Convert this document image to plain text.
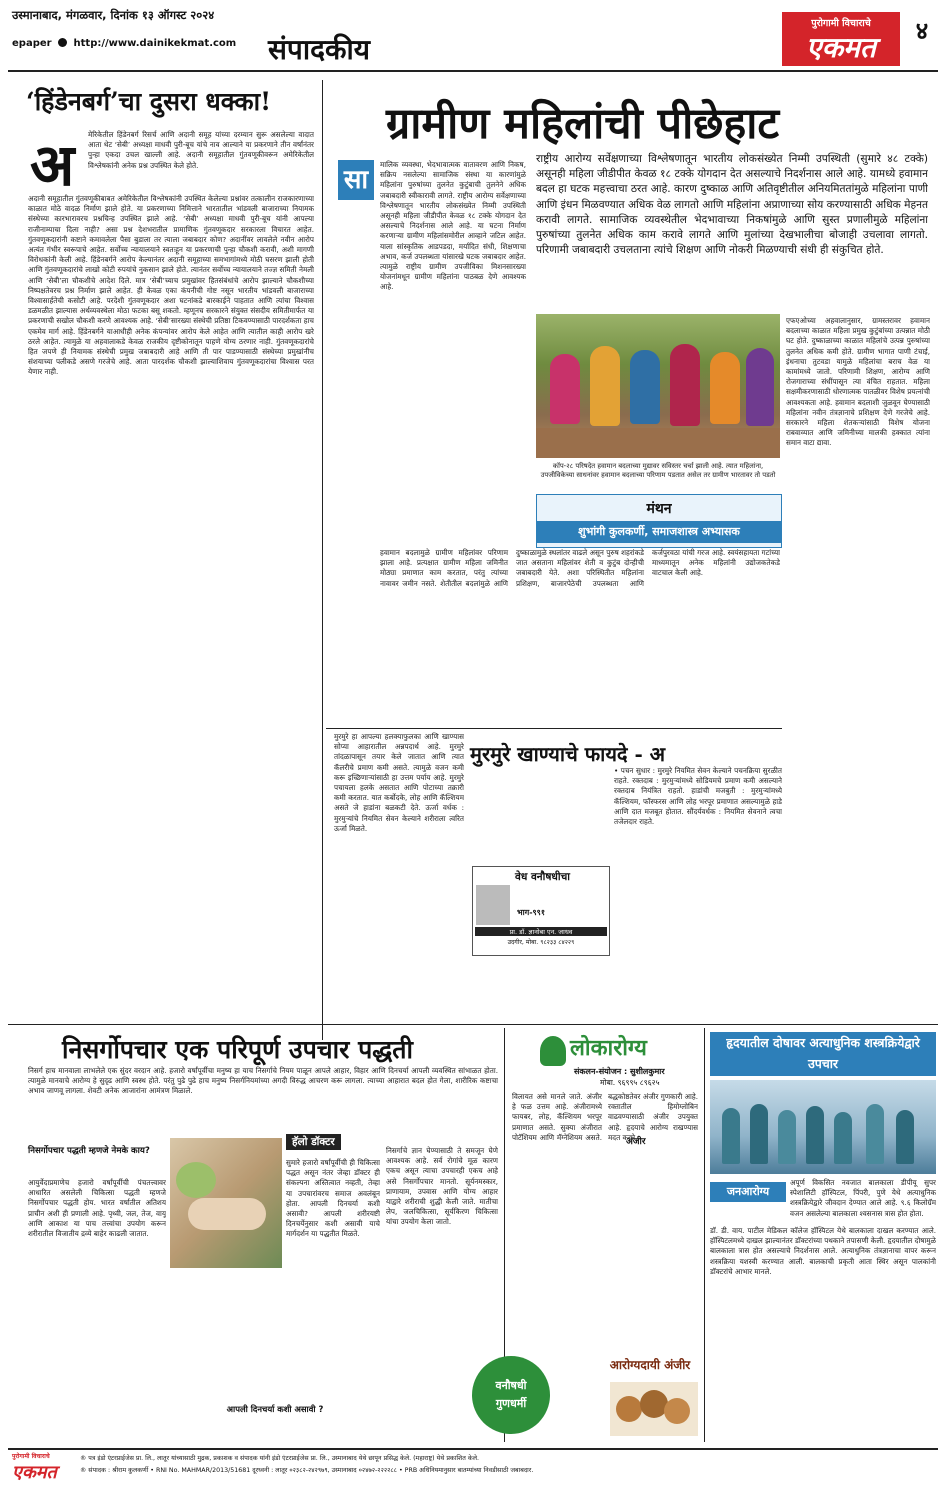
उस्मानाबाद, मंगळवार, दिनांक १३ ऑगस्ट २०२४
संपादकीय
epaper http://www.dainikekmat.com
पुरोगामी विचाराचे
एकमत
४
‘हिंडेनबर्ग’चा दुसरा धक्का!
अ मेरिकेतील हिंडेनबर्ग रिसर्च आणि अदानी समूह यांच्या दरम्यान सुरू असलेल्या वादात आता थेट ‘सेबी’ अध्यक्षा माधवी पुरी-बूच यांचे नाव आल्याने या प्रकरणाने तीन वर्षांनंतर पुन्हा एकदा उचल खाल्ली आहे. अदानी समूहातील गुंतवणूकीवरून अमेरिकेतील विश्लेषकांनी अनेक प्रश्न उपस्थित केले होते.
अदानी समूहातील गुंतवणूकीबाबत अमेरिकेतील विश्लेषकांनी उपस्थित केलेल्या प्रश्नांवर तत्कालीन राजकारणाच्या काळात मोठे वादळ निर्माण झाले होते. या प्रकरणाच्या निमित्ताने भारतातील भांडवली बाजाराच्या नियामक संस्थेच्या कारभारावरच प्रश्नचिन्ह उपस्थित झाले आहे. ‘सेबी’ अध्यक्षा माधवी पुरी-बूच यांनी आपल्या राजीनाम्याचा दिला नाही? असा प्रश्न देशभरातील प्रामाणिक गुंतवणूकदार सरकारला विचारत आहेत. गुंतवणूकदारांनी कष्टाने कमावलेला पैसा बुडाला तर त्याला जबाबदार कोण? अदानींवर लावलेले नवीन आरोप अत्यंत गंभीर स्वरूपाचे आहेत. सर्वोच्च न्यायालयाने स्वतःहून या प्रकरणाची पुन्हा चौकशी करावी, अशी मागणी विरोधकांनी केली आहे. हिंडेनबर्गने आरोप केल्यानंतर अदानी समूहाच्या समभागांमध्ये मोठी घसरण झाली होती आणि गुंतवणूकदारांचे लाखो कोटी रुपयांचे नुकसान झाले होते. त्यानंतर सर्वोच्च न्यायालयाने तज्ज्ञ समिती नेमली आणि ‘सेबी’ला चौकशीचे आदेश दिले. मात्र ‘सेबी’च्याच प्रमुखांवर हितसंबंधांचे आरोप झाल्याने चौकशीच्या निष्पक्षतेवरच प्रश्न निर्माण झाले आहेत. ही केवळ एका कंपनीची गोष्ट नसून भारतीय भांडवली बाजाराच्या विश्वासार्हतेची कसोटी आहे. परदेशी गुंतवणूकदार अशा घटनांकडे बारकाईने पाहतात आणि त्यांचा विश्वास डळमळीत झाल्यास अर्थव्यवस्थेला मोठा फटका बसू शकतो. म्हणूनच सरकारने संयुक्त संसदीय समितीमार्फत या प्रकरणाची सखोल चौकशी करणे आवश्यक आहे. ‘सेबी’सारख्या संस्थेची प्रतिष्ठा टिकवण्यासाठी पारदर्शकता हाच एकमेव मार्ग आहे. हिंडेनबर्गने याआधीही अनेक कंपन्यांवर आरोप केले आहेत आणि त्यातील काही आरोप खरे ठरले आहेत. त्यामुळे या अहवालाकडे केवळ राजकीय दृष्टीकोनातून पाहणे योग्य ठरणार नाही. गुंतवणूकदारांचे हित जपणे ही नियामक संस्थेची प्रमुख जबाबदारी आहे आणि ती पार पाडण्यासाठी संस्थेच्या प्रमुखांनीच संशयाच्या पलीकडे असणे गरजेचे आहे. आता पारदर्शक चौकशी झाल्याशिवाय गुंतवणूकदारांचा विश्वास परत येणार नाही.
ग्रामीण महिलांची पीछेहाट
सा
राष्ट्रीय आरोग्य सर्वेक्षणाच्या विश्लेषणातून भारतीय लोकसंख्येत निम्मी उपस्थिती (सुमारे ४८ टक्के) असूनही महिला जीडीपीत केवळ १८ टक्के योगदान देत असल्याचे निदर्शनास आले आहे. यामध्ये हवामान बदल हा घटक महत्त्वाचा ठरत आहे. कारण दुष्काळ आणि अतिवृष्टीतील अनियमिततांमुळे महिलांना पाणी आणि इंधन मिळवण्यात अधिक वेळ लागतो आणि महिलांना अप्राणाच्या सोय करण्यासाठी अधिक मेहनत करावी लागते. सामाजिक व्यवस्थेतील भेदभावाच्या निकषांमुळे आणि सुस्त प्रणालीमुळे महिलांना पुरुषांच्या तुलनेत अधिक काम करावे लागते आणि मुलांच्या देखभालीचा बोजाही उचलावा लागतो. परिणामी जबाबदारी उचलताना त्यांचे शिक्षण आणि नोकरी मिळण्याची संधी ही संकुचित होते.
मालिक व्यवस्था, भेदभावात्मक वातावरण आणि निकष, सक्रिय नसलेल्या सामाजिक संस्था या कारणांमुळे महिलांना पुरुषांच्या तुलनेत कुटुंबाची तुलनेने अधिक जबाबदारी स्वीकारावी लागते. राष्ट्रीय आरोग्य सर्वेक्षणाच्या विश्लेषणातून भारतीय लोकसंख्येत निम्मी उपस्थिती असूनही महिला जीडीपीत केवळ १८ टक्के योगदान देत असल्याचे निदर्शनास आले आहे. या घटना निर्माण करणाऱ्या ग्रामीण महिलांसमोरील आव्हाने जटिल आहेत. याला सांस्कृतिक आडपडदा, मर्यादित संधी, शिक्षणाचा अभाव, कर्ज उपलब्धता यांसारखे घटक जबाबदार आहेत. त्यामुळे राष्ट्रीय ग्रामीण उपजीविका मिशनसारख्या योजनांमधून ग्रामीण महिलांना पाठबळ देणे आवश्यक आहे.
कॉप-२८ परिषदेत हवामान बदलाच्या मुद्यावर सविस्तर चर्चा झाली आहे. त्यात महिलांना, उपजीविकेच्या साधनांवर हवामान बदलाच्या परिणाम पडतात असेल तर ग्रामीण भारतावर तो पडतो
एफएओच्या अहवालानुसार, ग्रामस्तरावर हवामान बदलाच्या काळात महिला प्रमुख कुटुंबांच्या उत्पन्नात मोठी घट होते. दुष्काळाच्या काळात महिलांचे उत्पन्न पुरुषांच्या तुलनेत अधिक कमी होते. ग्रामीण भागात पाणी टंचाई, इंधनाचा तुटवडा यामुळे महिलांचा बराच वेळ या कामांमध्ये जातो. परिणामी शिक्षण, आरोग्य आणि रोजगाराच्या संधींपासून त्या वंचित राहतात. महिला सक्षमीकरणासाठी धोरणात्मक पातळीवर विशेष प्रयत्नांची आवश्यकता आहे. हवामान बदलाशी जुळवून घेण्यासाठी महिलांना नवीन तंत्रज्ञानाचे प्रशिक्षण देणे गरजेचे आहे. सरकारने महिला शेतकऱ्यांसाठी विशेष योजना राबवाव्यात आणि जमिनीच्या मालकी हक्कात त्यांना समान वाटा द्यावा.
मंथन
शुभांगी कुलकर्णी, समाजशास्त्र अभ्यासक
हवामान बदलामुळे ग्रामीण महिलांवर परिणाम झाला आहे. प्रत्यक्षात ग्रामीण महिला जमिनीत मोठ्या प्रमाणात काम करतात, परंतु त्यांच्या नावावर जमीन नसते. शेतीतील बदलांमुळे आणि दुष्काळामुळे स्थलांतर वाढले असून पुरुष शहरांकडे जात असताना महिलांवर शेती व कुटुंब दोन्हीची जबाबदारी येते. अशा परिस्थितीत महिलांना प्रशिक्षण, बाजारपेठेची उपलब्धता आणि कर्जपुरवठा यांची गरज आहे. स्वयंसहायता गटांच्या माध्यमातून अनेक महिलांनी उद्योजकतेकडे वाटचाल केली आहे.
मुरमुरे खाण्याचे फायदे - अ
मुरमुरे हा आपल्या हलक्याफुलका आणि खाण्यास सोप्या आहारातील अन्नपदार्थ आहे. मुरमुरे तांदळापासून तयार केले जातात आणि त्यात कॅलरीचे प्रमाण कमी असते. त्यामुळे वजन कमी करू इच्छिणाऱ्यांसाठी हा उत्तम पर्याय आहे. मुरमुरे पचायला हलके असतात आणि पोटाच्या तक्रारी कमी करतात. यात कर्बोदके, लोह आणि कॅल्शियम असते जे हाडांना बळकटी देते. ऊर्जा वर्धक : मुरमुऱ्यांचे नियमित सेवन केल्याने शरीराला त्वरित ऊर्जा मिळते.
वेध वनौषधीचा
प्रा. डॉ. ज्ञानोबा एन. जाधव
उदगीर, मोबा. ९८२३३ ८४२२९
भाग-९९१
• पचन सुधार : मुरमुरे नियमित सेवन केल्याने पचनक्रिया सुरळीत राहते. रक्तदाब : मुरमुऱ्यांमध्ये सोडियमचे प्रमाण कमी असल्याने रक्तदाब नियंत्रित राहतो. हाडांची मजबुती : मुरमुऱ्यांमध्ये कॅल्शियम, फॉस्फरस आणि लोह भरपूर प्रमाणात असल्यामुळे हाडे आणि दात मजबूत होतात. सौंदर्यवर्धक : नियमित सेवनाने त्वचा तजेलदार राहते.
निसर्गोपचार एक परिपूर्ण उपचार पद्धती
निसर्ग हाच मानवाला लाभलेले एक सुंदर वरदान आहे. हजारो वर्षांपूर्वीचा मनुष्य हा याच निसर्गाचे नियम पाळून आपले आहार, विहार आणि दिनचर्या आपली व्यवस्थित सांभाळत होता. त्यामुळे मानवाचे आरोग्य हे सुदृढ आणि स्वस्थ होते. परंतु पुढे पुढे हाच मनुष्य निसर्गनियमांच्या अगदी विरुद्ध आचरण करू लागला. त्याच्या आहारात बदल होत गेला, शारीरिक कष्टाचा अभाव जाणवू लागला. शेवटी अनेक आजारांना आमंत्रण मिळाले.
निसर्गोपचार पद्धती म्हणजे नेमके काय?
आयुर्वेदाप्रमाणेच हजारो वर्षांपूर्वीची पंचतत्त्वावर आधारित असलेली चिकित्सा पद्धती म्हणजे निसर्गोपचार पद्धती होय. भारत वर्षातील अतिशय प्राचीन अशी ही प्रणाली आहे. पृथ्वी, जल, तेज, वायू आणि आकाश या पाच तत्त्वांचा उपयोग करून शरीरातील विजातीय द्रव्ये बाहेर काढली जातात.
हॅलो डॉक्टर
सुमारे हजारो वर्षांपूर्वीची ही चिकित्सा पद्धत असून नंतर जेव्हा डॉक्टर ही संकल्पना अस्तित्वात नव्हती, तेव्हा या उपचारांवरच समाज अवलंबून होता. आपली दिनचर्या कशी असावी? आपली शरीरयष्टी दिनचर्येनुसार कशी असावी याचे मार्गदर्शन या पद्धतीत मिळते.
आपली दिनचर्या कशी असावी ?
निसर्गाचे ज्ञान घेण्यासाठी ते समजून घेणे आवश्यक आहे. सर्व रोगांचे मूळ कारण एकच असून त्याचा उपचारही एकच आहे असे निसर्गोपचार मानतो. सूर्यनमस्कार, प्राणायाम, उपवास आणि योग्य आहार याद्वारे शरीराची शुद्धी केली जाते. मातीचा लेप, जलचिकित्सा, सूर्यकिरण चिकित्सा यांचा उपयोग केला जातो.
लोकारोग्य
संकलन-संयोजन : सुशीलकुमार
मोबा. ९६९९५ ८९६२५
अंजीर
विलायत असे मानले जाते. अंजीर हे फळ उत्तम आहे. अंजीरामध्ये फायबर, लोह, कॅल्शियम भरपूर प्रमाणात असते. सुक्या अंजीरात पोटॅशियम आणि मॅग्नेशियम असते. बद्धकोष्ठतेवर अंजीर गुणकारी आहे. रक्तातील हिमोग्लोबिन वाढवण्यासाठी अंजीर उपयुक्त आहे. हृदयाचे आरोग्य राखण्यास मदत करते.
वनौषधी
गुणधर्मी
आरोग्यदायी अंजीर
हृदयातील दोषावर अत्याधुनिक शस्त्रक्रियेद्वारे उपचार
अपूर्ण विकसित नवजात बालकाला डीपीयू सुपर स्पेशालिटी हॉस्पिटल, पिंपरी, पुणे येथे अत्याधुनिक शस्त्रक्रियेद्वारे जीवदान देण्यात आले आहे. ९.६ किलोग्रॅम वजन असलेल्या बालकाला श्वसनास त्रास होत होता.
जनआरोग्य
डॉ. डी. वाय. पाटील मेडिकल कॉलेज हॉस्पिटल येथे बालकाला दाखल करण्यात आले. हॉस्पिटलमध्ये दाखल झाल्यानंतर डॉक्टरांच्या पथकाने तपासणी केली. हृदयातील दोषामुळे बालकाला त्रास होत असल्याचे निदर्शनास आले. अत्याधुनिक तंत्रज्ञानाचा वापर करून शस्त्रक्रिया यशस्वी करण्यात आली. बालकाची प्रकृती आता स्थिर असून पालकांनी डॉक्टरांचे आभार मानले.
पुरोगामी विचाराचे
एकमत
® पत्र इंडो एंटरप्राईजेस प्रा. लि., लातूर यांच्यासाठी मुद्रक, प्रकाशक व संपादक यांनी इंडो एंटरप्राईजेस प्रा. लि., उस्मानाबाद येथे छापून प्रसिद्ध केले. (महाराष्ट्र) येथे प्रकाशित केले.
® संपादक : श्रीराम कुलकर्णी • RNI No. MAHMAR/2013/51681 दूरध्वनी : लातूर ०२३८२-२४२९७९, उस्मानाबाद ०२४७२-२२२२८८ • PRB अधिनियमानुसार बातम्यांच्या निवडीसाठी जबाबदार.
